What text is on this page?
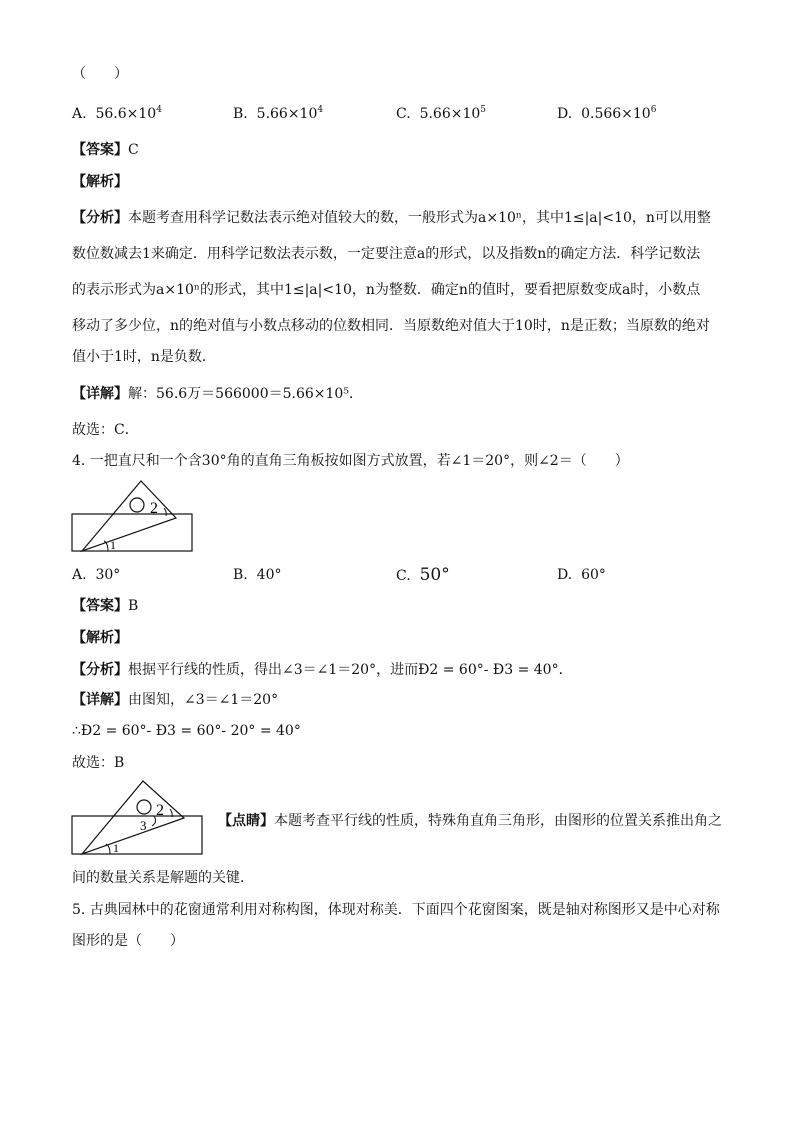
（　　）
A. $56.6\times 10^4$	B. $5.66\times 10^4$	C. $5.66\times 10^5$	D. $0.566\times 10^6$
【答案】C
【解析】
【分析】本题考查用科学记数法表示绝对值较大的数，一般形式为a×10ⁿ，其中1≤|a|<10，n可以用整
数位数减去1来确定．用科学记数法表示数，一定要注意a的形式，以及指数n的确定方法．科学记数法
的表示形式为a×10ⁿ的形式，其中1≤|a|<10，n为整数．确定n的值时，要看把原数变成a时，小数点
移动了多少位，n的绝对值与小数点移动的位数相同．当原数绝对值大于10时，n是正数；当原数的绝对
值小于1时，n是负数．
【详解】解：56.6万＝566000＝5.66×10⁵．
故选：C．
4. 一把直尺和一个含30°角的直角三角板按如图方式放置，若∠1＝20°，则∠2＝（　　）
1
2
A. 30°	B. 40°	C. 50°	D. 60°
【答案】B
【解析】
【分析】根据平行线的性质，得出∠3＝∠1＝20°，进而Ð2 = 60°- Ð3 = 40°．
【详解】由图知，∠3＝∠1＝20°
∴Ð2 = 60°- Ð3 = 60°- 20° = 40°
故选：B
1
2
3	【点睛】本题考查平行线的性质，特殊角直角三角形，由图形的位置关系推出角之
间的数量关系是解题的关键．
5. 古典园林中的花窗通常利用对称构图，体现对称美．下面四个花窗图案，既是轴对称图形又是中心对称
图形的是（　　）
